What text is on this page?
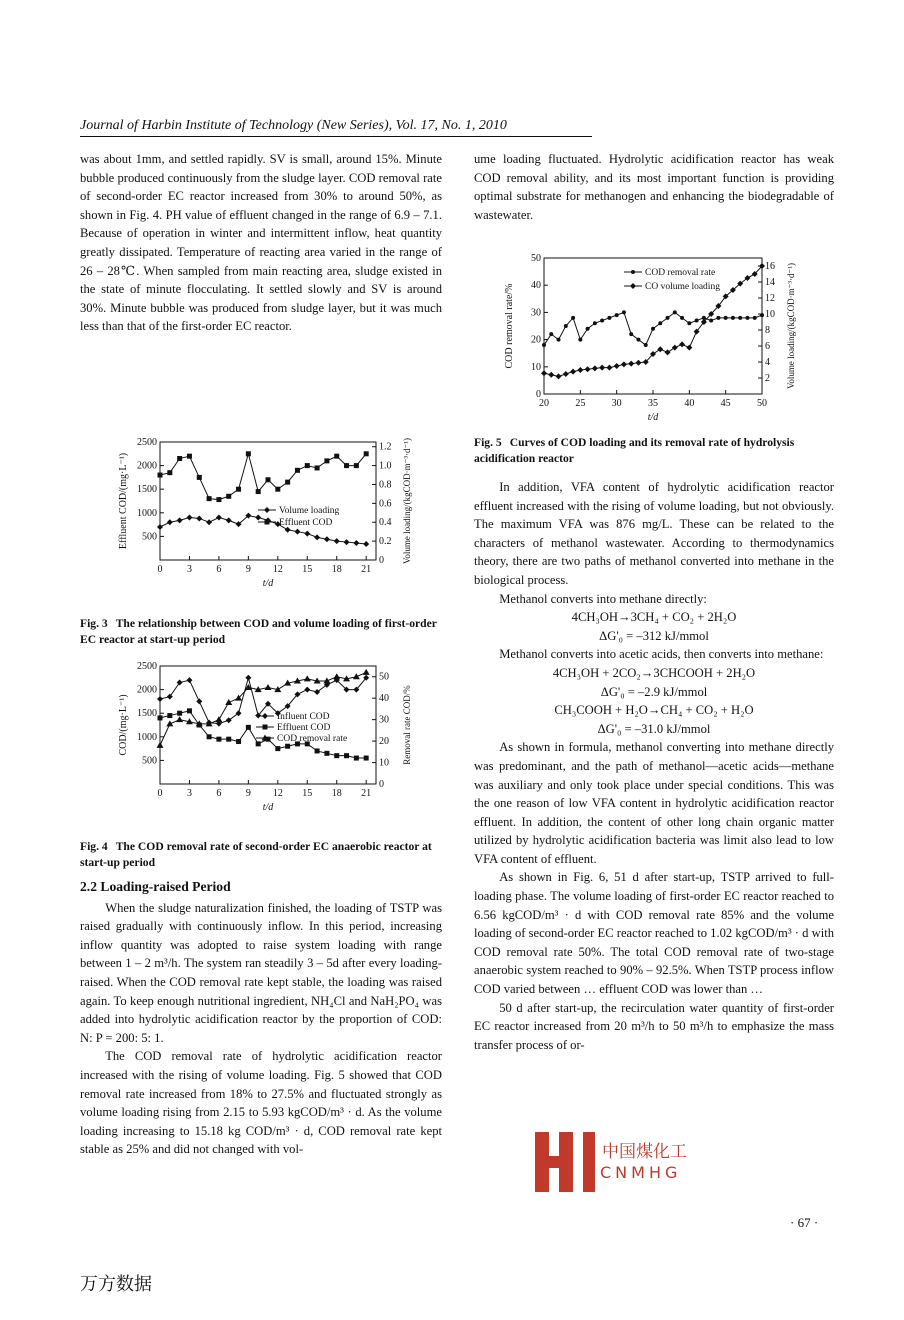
Journal of Harbin Institute of Technology (New Series), Vol. 17, No. 1, 2010

was about 1mm, and settled rapidly. SV is small, around 15%. Minute bubble produced continuously from the sludge layer. COD removal rate of second-order EC reactor increased from 30% to around 50%, as shown in Fig. 4. PH value of effluent changed in the range of 6.9 – 7.1. Because of operation in winter and intermittent inflow, heat quantity greatly dissipated. Temperature of reacting area varied in the range of 26 – 28℃. When sampled from main reacting area, sludge existed in the state of minute flocculating. It settled slowly and SV is around 30%. Minute bubble was produced from sludge layer, but it was much less than that of the first-order EC reactor.

ume loading fluctuated. Hydrolytic acidification reactor has weak COD removal ability, and its most important function is providing optimal substrate for methanogen and enhancing the biodegradable of wastewater.

20	25	30	35	40	45	50
t/d
0
10
20
30
40
50
2
4
6
8
10
12
14
16
COD removal rate/%	Volume loading/(kgCOD·m⁻³·d⁻¹)
COD removal rate
CO volume loading
Fig. 5 Curves of COD loading and its removal rate of hydrolysis acidification reactor
0 3 6 9 12 15 18 21
t/d
500
1000
1500
2000
2500
0
0.2
0.4
0.6
0.8
1.0
1.2
Effluent COD/(mg·L⁻¹)	Volume loading/(kgCOD·m⁻³·d⁻¹)
Volume loading
Effluent COD
Fig. 3 The relationship between COD and volume loading of first-order EC reactor at start-up period
0 3 6 9 12 15 18 21
t/d
500
1000
1500
2000
2500
0
10
20
30
40
50
COD/(mg·L⁻¹)	Removal rate COD/%
Influent COD
Effluent COD
COD removal rate
Fig. 4 The COD removal rate of second-order EC anaerobic reactor at start-up period
2.2 Loading-raised Period

When the sludge naturalization finished, the loading of TSTP was raised gradually with continuously inflow. In this period, increasing inflow quantity was adopted to raise system loading with range between 1 – 2 m³/h. The system ran steadily 3 – 5d after every loading-raised. When the COD removal rate kept stable, the loading was raised again. To keep enough nutritional ingredient, NH₄Cl and NaH₂PO₄ was added into hydrolytic acidification reactor by the proportion of COD: N: P = 200: 5: 1.

The COD removal rate of hydrolytic acidification reactor increased with the rising of volume loading. Fig. 5 showed that COD removal rate increased from 18% to 27.5% and fluctuated strongly as volume loading rising from 2.15 to 5.93 kgCOD/m³ · d. As the volume loading increasing to 15.18 kg COD/m³ · d, COD removal rate kept stable as 25% and did not changed with vol-

In addition, VFA content of hydrolytic acidification reactor effluent increased with the rising of volume loading, but not obviously. The maximum VFA was 876 mg/L. These can be related to the characters of methanol wastewater. According to thermodynamics theory, there are two paths of methanol converted into methane in the biological process.

Methanol converts into methane directly:

4CH₃OH→3CH₄ + CO₂ + 2H₂O
ΔG'₀ = –312 kJ/mmol

Methanol converts into acetic acids, then converts into methane:

4CH₃OH + 2CO₂→3CHCOOH + 2H₂O
ΔG'₀ = –2.9 kJ/mmol
CH₃COOH + H₂O→CH₄ + CO₂ + H₂O
ΔG'₀ = –31.0 kJ/mmol

As shown in formula, methanol converting into methane directly was predominant, and the path of methanol—acetic acids—methane was auxiliary and only took place under special conditions. This was the one reason of low VFA content in hydrolytic acidification reactor effluent. In addition, the content of other long chain organic matter utilized by hydrolytic acidification bacteria was limit also lead to low VFA content of effluent.

As shown in Fig. 6, 51 d after start-up, TSTP arrived to full-loading phase. The volume loading of first-order EC reactor reached to 6.56 kgCOD/m³ · d with COD removal rate 85% and the volume loading of second-order EC reactor reached to 1.02 kgCOD/m³ · d with COD removal rate 50%. The total COD removal rate of two-stage anaerobic system reached to 90% – 92.5%. When TSTP process inflow COD varied between … effluent COD was lower than …

50 d after start-up, the recirculation water quantity of first-order EC reactor increased from 20 m³/h to 50 m³/h to emphasize the mass transfer process of or-

中国煤化工
CNMHG
· 67 ·
万方数据
